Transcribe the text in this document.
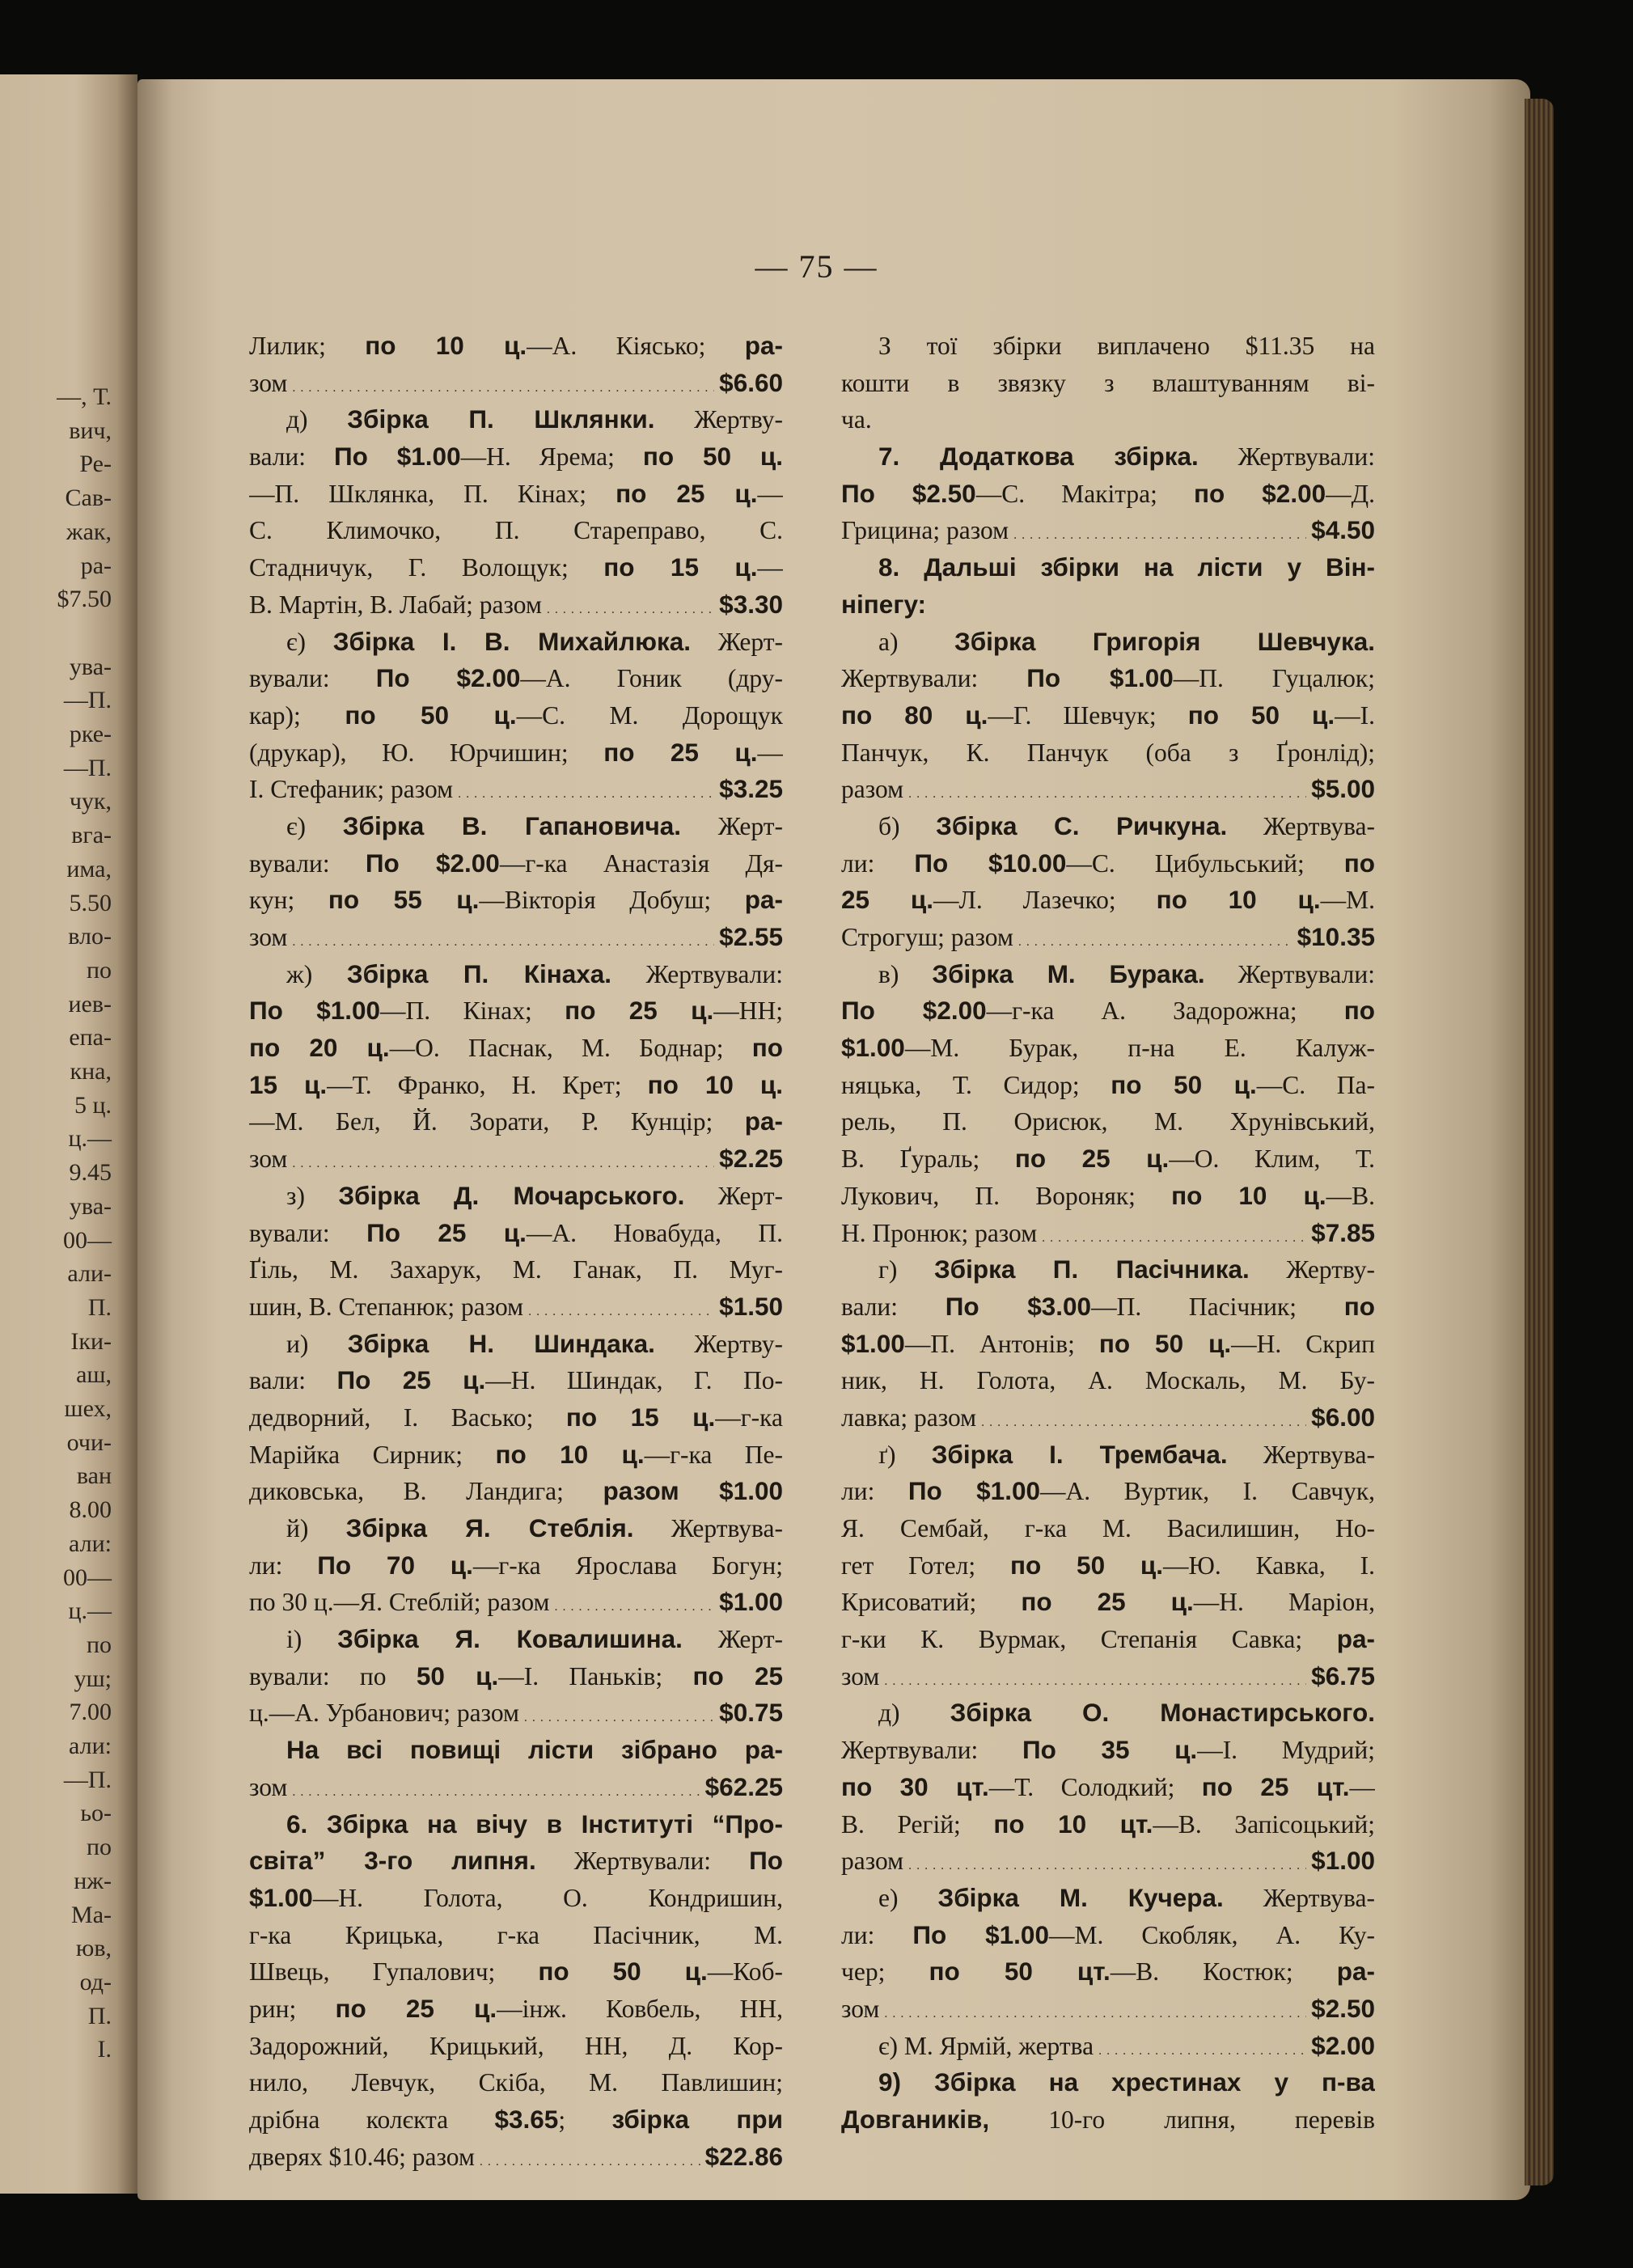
—, Т.
вич,
Ре-
Сав-
жак,
ра-
$7.50
ува-
—П.
рке-
—П.
чук,
вга-
има,
5.50
вло-
по
иев-
епа-
кна,
5 ц.
ц.—
9.45
ува-
00—
али-
П.
Іки-
аш,
шех,
очи-
ван
8.00
али:
00—
ц.—
по
уш;
7.00
али:
—П.
ьо-
по
нж-
Ма-
юв,
од-
П.
І.
— 75 —
Лилик; по 10 ц.—А. Кіясько; ра-
зом . . .	$6.60
д) Збірка П. Шклянки. Жертву-
вали: По $1.00—Н. Ярема; по 50 ц.
—П. Шклянка, П. Кінах; по 25 ц.—
С. Климочко, П. Стареправо, С.
Стадничук, Г. Волощук; по 15 ц.—
В. Мартін, В. Лабай; разом . . .	$3.30
є) Збірка І. В. Михайлюка. Жерт-
вували: По $2.00—А. Гоник (дру-
кар); по 50 ц.—С. М. Дорощук
(друкар), Ю. Юрчишин; по 25 ц.—
І. Стефаник; разом . . .	$3.25
є) Збірка В. Гапановича. Жерт-
вували: По $2.00—г-ка Анастазія Дя-
кун; по 55 ц.—Вікторія Добуш; ра-
зом . . .	$2.55
ж) Збірка П. Кінаха. Жертвували:
По $1.00—П. Кінах; по 25 ц.—НН;
по 20 ц.—О. Паснак, М. Боднар; по
15 ц.—Т. Франко, Н. Крет; по 10 ц.
—М. Бел, Й. Зорати, Р. Кунцір; ра-
зом . . .	$2.25
з) Збірка Д. Мочарського. Жерт-
вували: По 25 ц.—А. Новабуда, П.
Ґіль, М. Захарук, М. Ганак, П. Муг-
шин, В. Степанюк; разом . . .	$1.50
и) Збірка Н. Шиндака. Жертву-
вали: По 25 ц.—Н. Шиндак, Г. По-
дедворний, І. Васько; по 15 ц.—г-ка
Марійка Сирник; по 10 ц.—г-ка Пе-
диковська, В. Ландига; разом $1.00
й) Збірка Я. Стеблія. Жертвува-
ли: По 70 ц.—г-ка Ярослава Богун;
по 30 ц.—Я. Стеблій; разом . . .	$1.00
і) Збірка Я. Ковалишина. Жерт-
вували: по 50 ц.—І. Паньків; по 25
ц.—А. Урбанович; разом . . .	$0.75
На всі повищі лісти зібрано ра-
зом . . .	$62.25
6. Збірка на вічу в Інституті “Про-
світа” 3-го липня. Жертвували: По
$1.00—Н. Голота, О. Кондришин,
г-ка Крицька, г-ка Пасічник, М.
Швець, Гупалович; по 50 ц.—Коб-
рин; по 25 ц.—інж. Ковбель, НН,
Задорожний, Крицький, НН, Д. Кор-
нило, Левчук, Скіба, М. Павлишин;
дрібна колєкта $3.65; збірка при
дверях $10.46; разом . . .	$22.86
З тої збірки виплачено $11.35 на
кошти в звязку з влаштуванням ві-
ча.
7. Додаткова збірка. Жертвували:
По $2.50—С. Макітра; по $2.00—Д.
Грицина; разом . . .	$4.50
8. Дальші збірки на лісти у Він-
ніпегу:
а) Збірка Григорія Шевчука.
Жертвували: По $1.00—П. Гуцалюк;
по 80 ц.—Г. Шевчук; по 50 ц.—І.
Панчук, К. Панчук (оба з Ґронлід);
разом . . .	$5.00
б) Збірка С. Ричкуна. Жертвува-
ли: По $10.00—С. Цибульський; по
25 ц.—Л. Лазечко; по 10 ц.—М.
Строгуш; разом . . .	$10.35
в) Збірка М. Бурака. Жертвували:
По $2.00—г-ка А. Задорожна; по
$1.00—М. Бурак, п-на Е. Калуж-
няцька, Т. Сидор; по 50 ц.—С. Па-
рель, П. Орисюк, М. Хрунівський,
В. Ґураль; по 25 ц.—О. Клим, Т.
Лукович, П. Вороняк; по 10 ц.—В.
Н. Пронюк; разом . . .	$7.85
г) Збірка П. Пасічника. Жертву-
вали: По $3.00—П. Пасічник; по
$1.00—П. Антонів; по 50 ц.—Н. Скрип
ник, Н. Голота, А. Москаль, М. Бу-
лавка; разом . . .	$6.00
ґ) Збірка І. Трембача. Жертвува-
ли: По $1.00—А. Вуртик, І. Савчук,
Я. Сембай, г-ка М. Василишин, Но-
гет Готел; по 50 ц.—Ю. Кавка, І.
Крисоватий; по 25 ц.—Н. Маріон,
г-ки К. Вурмак, Степанія Савка; ра-
зом . . .	$6.75
д) Збірка О. Монастирського.
Жертвували: По 35 ц.—І. Мудрий;
по 30 цт.—Т. Солодкий; по 25 цт.—
В. Регій; по 10 цт.—В. Запісоцький;
разом . . .	$1.00
е) Збірка М. Кучера. Жертвува-
ли: По $1.00—М. Скобляк, А. Ку-
чер; по 50 цт.—В. Костюк; ра-
зом . . .	$2.50
є) М. Ярмій, жертва . . .	$2.00
9) Збірка на хрестинах у п-ва
Довгаників, 10-го липня, перевів
